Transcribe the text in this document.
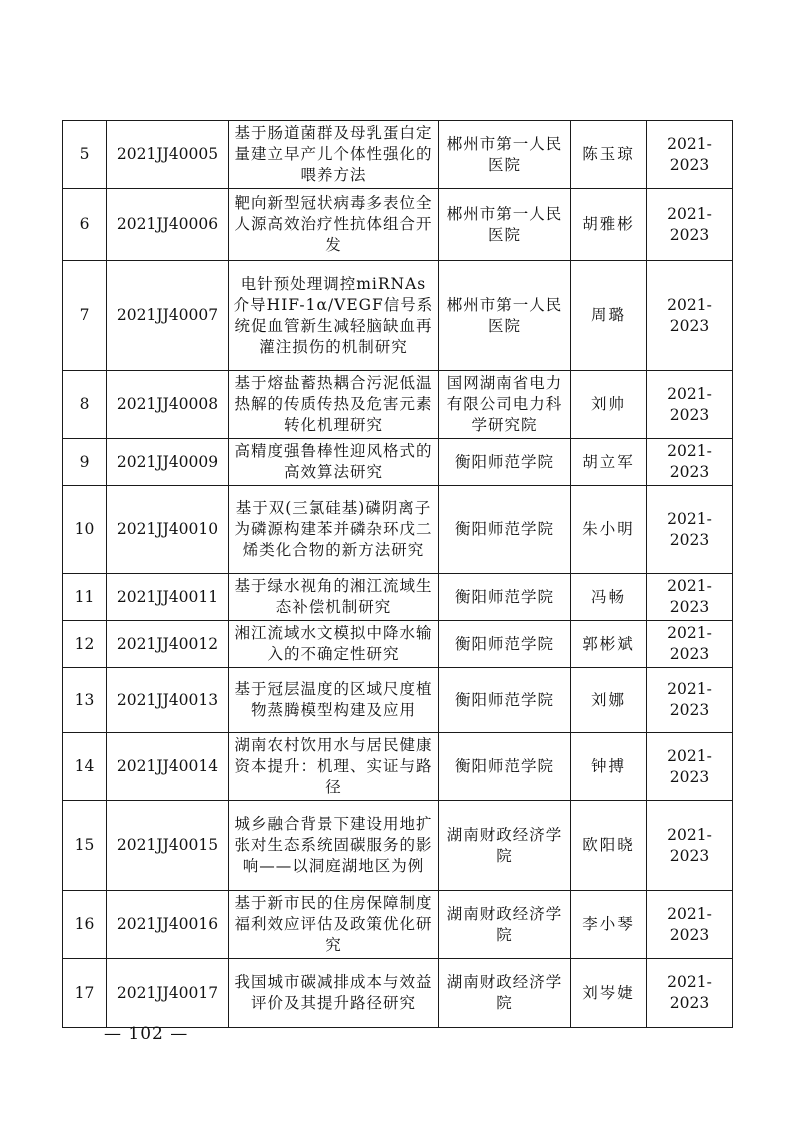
5	2021JJ40005	基于肠道菌群及母乳蛋白定量建立早产儿个体性强化的喂养方法	郴州市第一人民医院	陈玉琼	2021-2023
6	2021JJ40006	靶向新型冠状病毒多表位全人源高效治疗性抗体组合开发	郴州市第一人民医院	胡雅彬	2021-2023
7	2021JJ40007	电针预处理调控miRNAs介导HIF-1α/VEGF信号系统促血管新生减轻脑缺血再灌注损伤的机制研究	郴州市第一人民医院	周璐	2021-2023
8	2021JJ40008	基于熔盐蓄热耦合污泥低温热解的传质传热及危害元素转化机理研究	国网湖南省电力有限公司电力科学研究院	刘帅	2021-2023
9	2021JJ40009	高精度强鲁棒性迎风格式的高效算法研究	衡阳师范学院	胡立军	2021-2023
10	2021JJ40010	基于双(三氯硅基)磷阴离子为磷源构建苯并磷杂环戊二烯类化合物的新方法研究	衡阳师范学院	朱小明	2021-2023
11	2021JJ40011	基于绿水视角的湘江流域生态补偿机制研究	衡阳师范学院	冯畅	2021-2023
12	2021JJ40012	湘江流域水文模拟中降水输入的不确定性研究	衡阳师范学院	郭彬斌	2021-2023
13	2021JJ40013	基于冠层温度的区域尺度植物蒸腾模型构建及应用	衡阳师范学院	刘娜	2021-2023
14	2021JJ40014	湖南农村饮用水与居民健康资本提升：机理、实证与路径	衡阳师范学院	钟搏	2021-2023
15	2021JJ40015	城乡融合背景下建设用地扩张对生态系统固碳服务的影响——以洞庭湖地区为例	湖南财政经济学院	欧阳晓	2021-2023
16	2021JJ40016	基于新市民的住房保障制度福利效应评估及政策优化研究	湖南财政经济学院	李小琴	2021-2023
17	2021JJ40017	我国城市碳减排成本与效益评价及其提升路径研究	湖南财政经济学院	刘岑婕	2021-2023
— 102 —
